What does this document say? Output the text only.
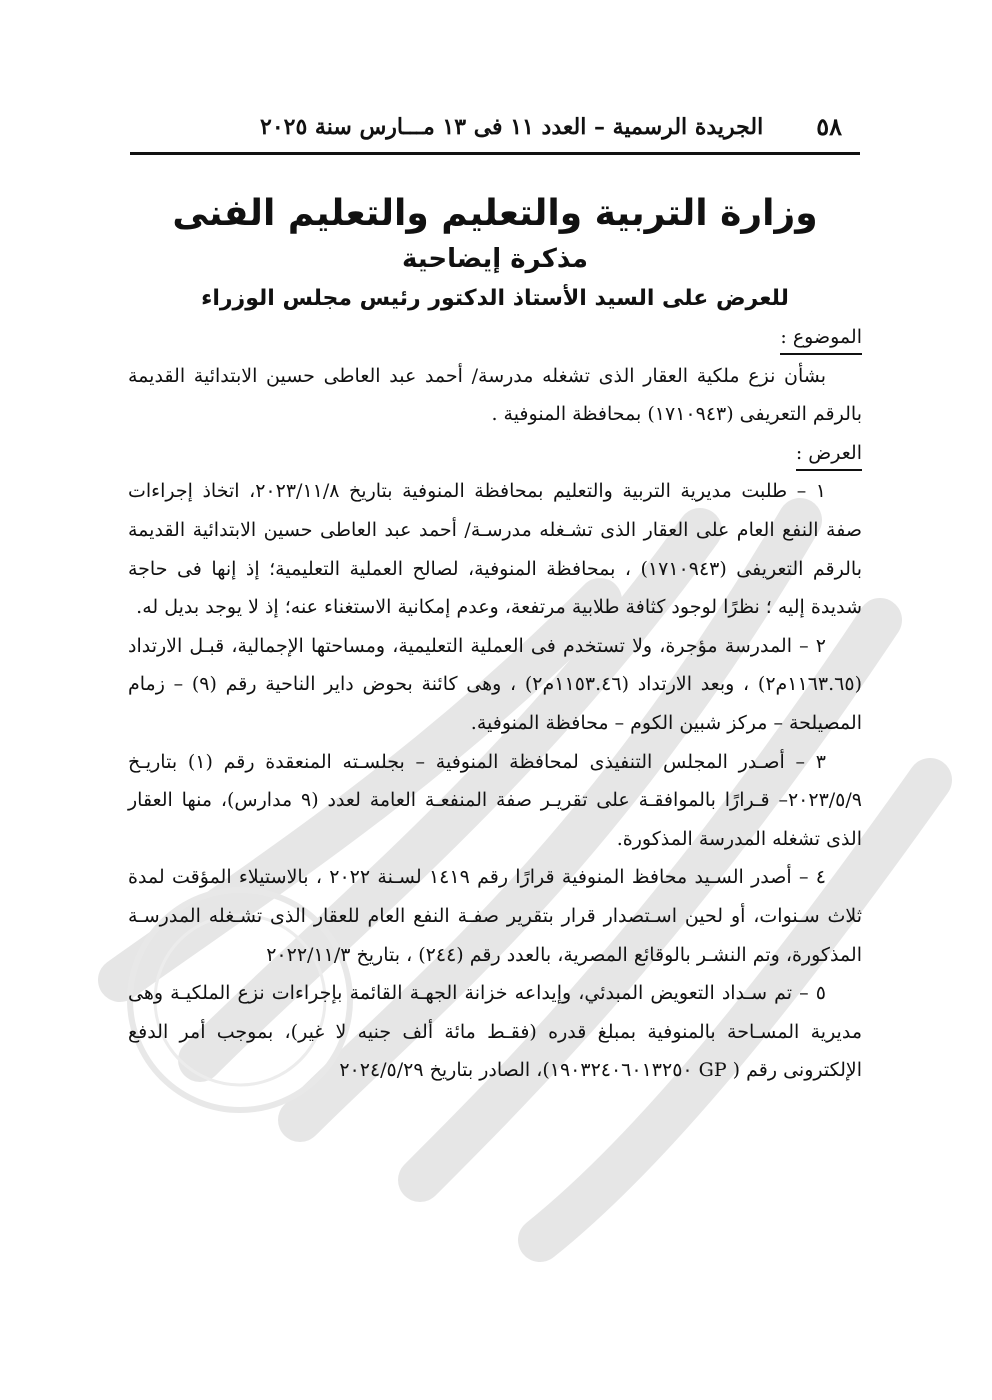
٥٨
الجريدة الرسمية – العدد ١١ فى ١٣ مـــارس سنة ٢٠٢٥

وزارة التربية والتعليم والتعليم الفنى

مذكرة إيضاحية

للعرض على السيد الأستاذ الدكتور رئيس مجلس الوزراء

الموضوع :

بشأن نزع ملكية العقار الذى تشغله مدرسة/ أحمد عبد العاطى حسين الابتدائية القديمة بالرقم التعريفى (١٧١٠٩٤٣) بمحافظة المنوفية .

العرض :

١ – طلبت مديرية التربية والتعليم بمحافظة المنوفية بتاريخ ٢٠٢٣/١١/٨، اتخاذ إجراءات صفة النفع العام على العقار الذى تشـغله مدرسـة/ أحمد عبد العاطى حسين الابتدائية القديمة بالرقم التعريفى (١٧١٠٩٤٣) ، بمحافظة المنوفية، لصالح العملية التعليمية؛ إذ إنها فى حاجة شديدة إليه ؛ نظرًا لوجود كثافة طلابية مرتفعة، وعدم إمكانية الاستغناء عنه؛ إذ لا يوجد بديل له.

٢ – المدرسة مؤجرة، ولا تستخدم فى العملية التعليمية، ومساحتها الإجمالية، قبـل الارتداد (١١٦٣.٦٥م٢) ، وبعد الارتداد (١١٥٣.٤٦م٢) ، وهى كائنة بحوض داير الناحية رقم (٩) – زمام المصيلحة – مركز شبين الكوم – محافظة المنوفية.

٣ – أصـدر المجلس التنفيذى لمحافظة المنوفية – بجلسـته المنعقدة رقم (١) بتاريـخ ٢٠٢٣/٥/٩– قـرارًا بالموافقـة على تقريـر صفة المنفعـة العامة لعدد (٩ مدارس)، منها العقار الذى تشغله المدرسة المذكورة.

٤ – أصدر السـيد محافظ المنوفية قرارًا رقم ١٤١٩ لسـنة ٢٠٢٢ ، بالاستيلاء المؤقت لمدة ثلاث سـنوات، أو لحين اسـتصدار قرار بتقرير صفـة النفع العام للعقار الذى تشـغله المدرسـة المذكورة، وتم النشـر بالوقائع المصرية، بالعدد رقم (٢٤٤) ، بتاريخ ٢٠٢٢/١١/٣

٥ – تم سـداد التعويض المبدئي، وإيداعه خزانة الجهـة القائمة بإجراءات نزع الملكيـة وهى مديرية المسـاحة بالمنوفية بمبلغ قدره (فقـط مائة ألف جنيه لا غير)، بموجب أمر الدفع الإلكترونى رقم ( GP ١٩٠٣٢٤٠٦٠١٣٢٥٠)، الصادر بتاريخ ٢٠٢٤/٥/٢٩
